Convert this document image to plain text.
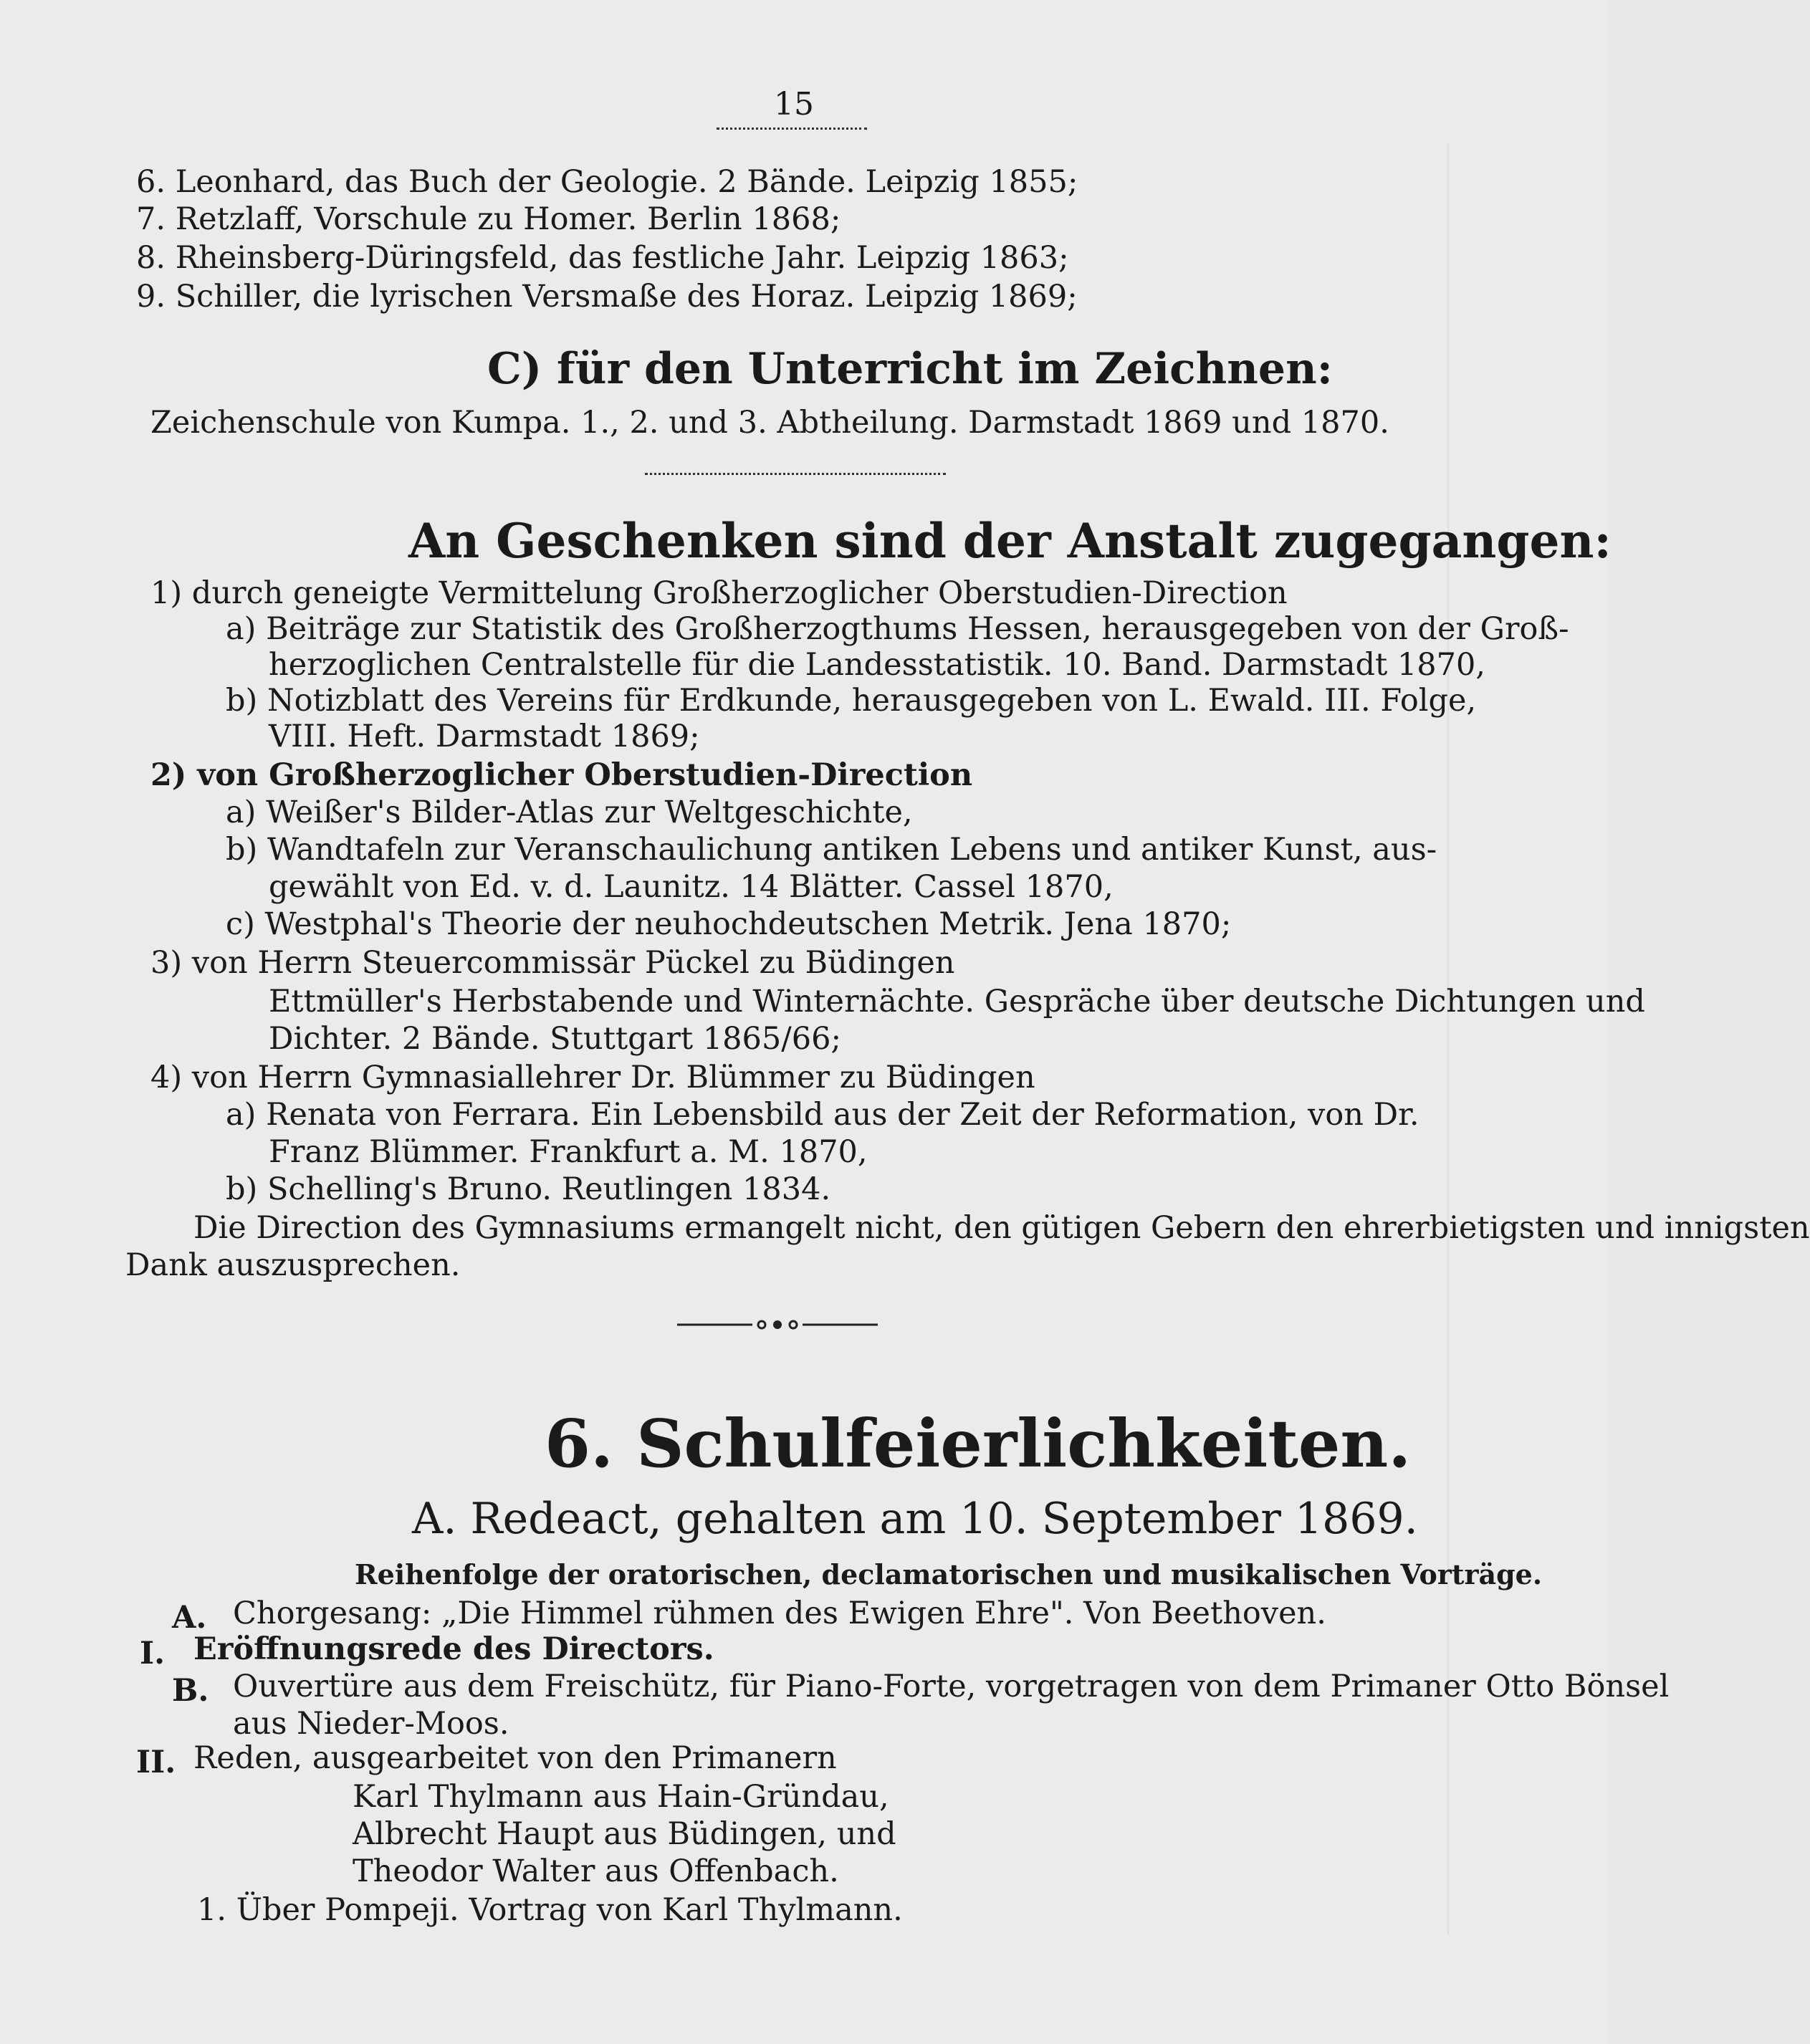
15
6. Leonhard, das Buch der Geologie. 2 Bände. Leipzig 1855;
7. Retzlaff, Vorschule zu Homer. Berlin 1868;
8. Rheinsberg-Düringsfeld, das festliche Jahr. Leipzig 1863;
9. Schiller, die lyrischen Versmaße des Horaz. Leipzig 1869;
C) für den Unterricht im Zeichnen:
Zeichenschule von Kumpa. 1., 2. und 3. Abtheilung. Darmstadt 1869 und 1870.
An Geschenken sind der Anstalt zugegangen:
1) durch geneigte Vermittelung Großherzoglicher Oberstudien-Direction
a) Beiträge zur Statistik des Großherzogthums Hessen, herausgegeben von der Groß-
herzoglichen Centralstelle für die Landesstatistik. 10. Band. Darmstadt 1870,
b) Notizblatt des Vereins für Erdkunde, herausgegeben von L. Ewald. III. Folge,
VIII. Heft. Darmstadt 1869;
2) von Großherzoglicher Oberstudien-Direction
a) Weißer's Bilder-Atlas zur Weltgeschichte,
b) Wandtafeln zur Veranschaulichung antiken Lebens und antiker Kunst, aus-
gewählt von Ed. v. d. Launitz. 14 Blätter. Cassel 1870,
c) Westphal's Theorie der neuhochdeutschen Metrik. Jena 1870;
3) von Herrn Steuercommissär Pückel zu Büdingen
Ettmüller's Herbstabende und Winternächte. Gespräche über deutsche Dichtungen und
Dichter. 2 Bände. Stuttgart 1865/66;
4) von Herrn Gymnasiallehrer Dr. Blümmer zu Büdingen
a) Renata von Ferrara. Ein Lebensbild aus der Zeit der Reformation, von Dr.
Franz Blümmer. Frankfurt a. M. 1870,
b) Schelling's Bruno. Reutlingen 1834.
Die Direction des Gymnasiums ermangelt nicht, den gütigen Gebern den ehrerbietigsten und innigsten
Dank auszusprechen.
6. Schulfeierlichkeiten.
A. Redeact, gehalten am 10. September 1869.
Reihenfolge der oratorischen, declamatorischen und musikalischen Vorträge.
A. Chorgesang: „Die Himmel rühmen des Ewigen Ehre". Von Beethoven.
I. Eröffnungsrede des Directors.
B. Ouvertüre aus dem Freischütz, für Piano-Forte, vorgetragen von dem Primaner Otto Bönsel
aus Nieder-Moos.
II. Reden, ausgearbeitet von den Primanern
Karl Thylmann aus Hain-Gründau,
Albrecht Haupt aus Büdingen, und
Theodor Walter aus Offenbach.
1. Über Pompeji. Vortrag von Karl Thylmann.
